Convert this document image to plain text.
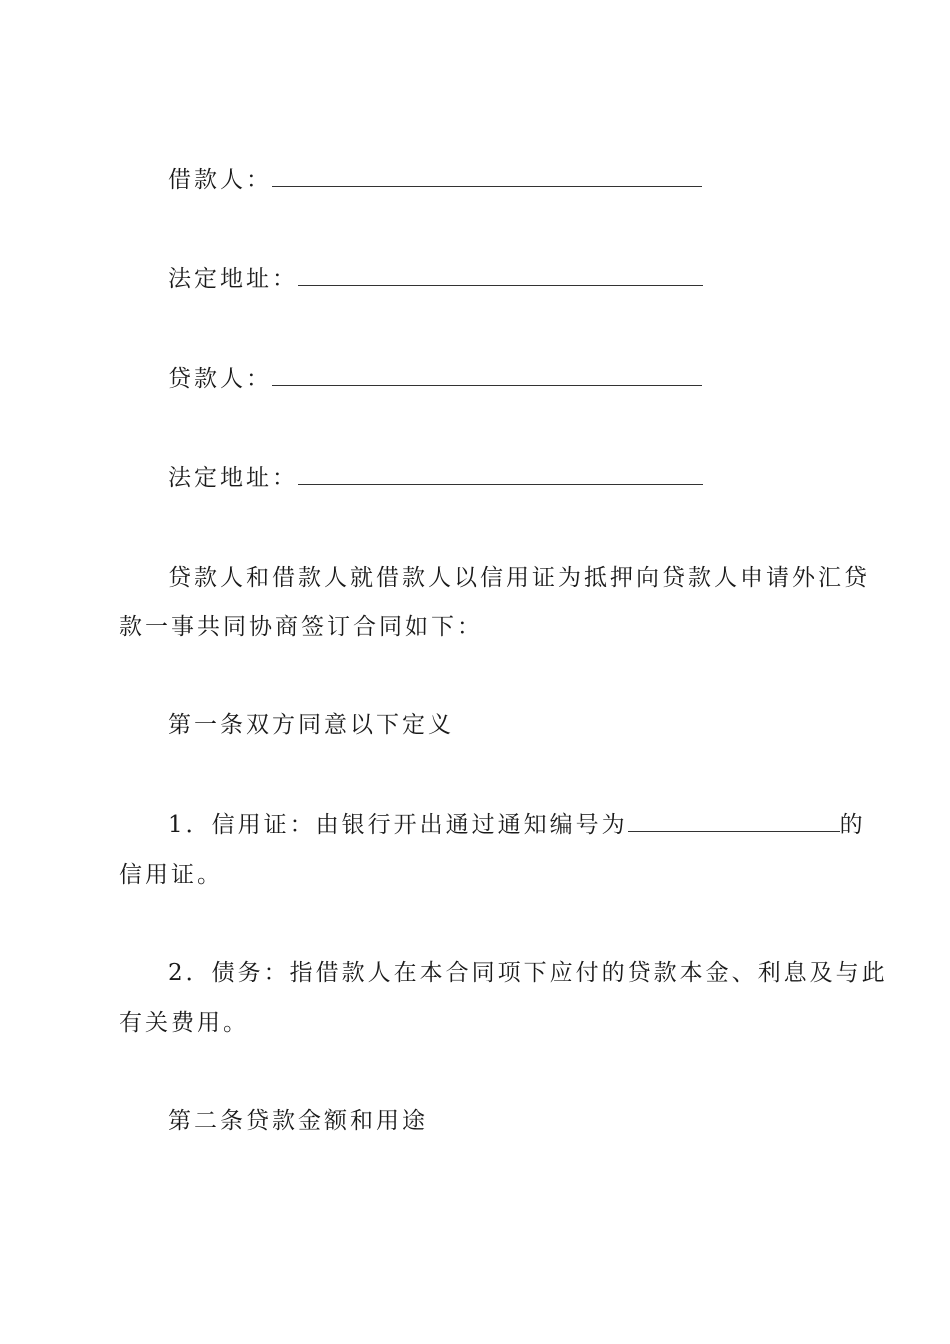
借款人：
法定地址：
贷款人：
法定地址：
贷款人和借款人就借款人以信用证为抵押向贷款人申请外汇贷
款一事共同协商签订合同如下：
第一条双方同意以下定义
1．信用证：由银行开出通过通知编号为	的
信用证。
2．债务：指借款人在本合同项下应付的贷款本金、利息及与此
有关费用。
第二条贷款金额和用途
